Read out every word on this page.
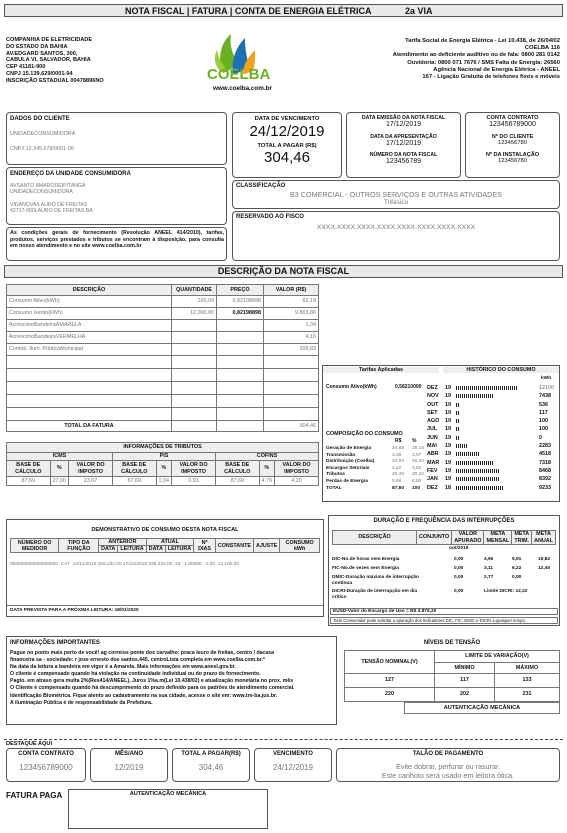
NOTA FISCAL | FATURA | CONTA DE ENERGIA ELÉTRICA	2a VIA
COMPANHIA DE ELETRICIDADE
DO ESTADO DA BAHIA
AV.EDGARD SANTOS, 300,
CABULA VI, SALVADOR, BAHIA
CEP 41181-900
CNPJ 15.139.629/0001-94
INSCRIÇÃO ESTADUAL 00478896NO	COELBA
www.coelba.com.br
Tarifa Social de Energia Elétrica - Lei 10.438, de 26/04/02
COELBA 116
Atendimento ao deficiente auditivo ou de fala: 0800 281 0142
Ouvidoria: 0800 071 7676 / SMS Falta de Energia: 26560
Agência Nacional de Energia Elétrica - ANEEL
167 - Ligação Gratuita de telefones fixos e móveis
DADOS DO CLIENTE
UNIDADECONSUMIDORA
CNPJ:12.345.678/0001-00
ENDEREÇO DA UNIDADE CONSUMIDORA
AVSANTO AMARODEIPITANGA
UNIDADECONSUMIDORA
VIDANOVA/LAURO DE FREITAS
42717-000LAURO DE FREITAS BA
As condições gerais de fornecimento (Resolução ANEEL 414/2010), tarifas, produtos, serviços prestados e tributos se encontram à disposição, para consulta em nosso atendimento e no site www.coelba.com.br
DATA DE VENCIMENTO
24/12/2019
TOTAL A PAGAR (R$)
304,46
DATA EMISSÃO DA NOTA FISCAL
17/12/2019
DATA DA APRESENTAÇÃO
17/12/2019
NÚMERO DA NOTA FISCAL
123456789
CONTA CONTRATO
123456789000
Nº DO CLIENTE
123456780
Nº DA INSTALAÇÃO
123456780
CLASSIFICAÇÃO
B3 COMERCIAL - OUTROS SERVIÇOS E OUTRAS ATIVIDADES
Trifásico
RESERVADO AO FISCO
XXXX.XXXX.XXXX.XXXX.XXXX.XXXX.XXXX.XXXX
DESCRIÇÃO DA NOTA FISCAL
DESCRIÇÃO	QUANTIDADE	PREÇO	VALOR (R$)
Consumo Ativo(kWh)	100,00	0,82198898	82,19
Consumo Isento(kWh)	12.000,00	0,82198898	9.863,86
AcréscimoBandeiraAMARELA			1,34
AcréscimoBandeiraVERMELHA			4,16
Contrib. Ilum. PúblicaMunicipal			209,83

TOTAL DA FATURA			304,46
INFORMAÇÕES DE TRIBUTOS								
ICMS			PIS			COFINS		
BASE DE CÁLCULO	%	VALOR DO IMPOSTO	BASE DE CÁLCULO	%	VALOR DO IMPOSTO	BASE DE CÁLCULO	%	VALOR DO IMPOSTO
87,69	27,00	23,67	87,69	1,04	0,91	87,69	4,79	4,20
Tarifas Aplicadas
Consumo Ativo(kWh)	0,58210000
COMPOSIÇÃO DO CONSUMO
R$ %
Geração de Energia	24,68 28,15
Transmissão	3,48 3,97
Distribuição (Coelba)	23,04 26,34
Encargos Setoriais	4,22 4,82
Tributos	26,49 30,22
Perdas de Energia	5,69 6,50
TOTAL	87,60 100
HISTÓRICO DO CONSUMO
kWh
DEZ 19	12100
NOV 19	7438
OUT 19	536
SET 19	117
AGO 19	100
JUL 19	100
JUN 19	0
MAI 19	2283
ABR 19	4518
MAR 19	7318
FEV 19	8468
JAN 19	8392
DEZ 18	9233
DEMONSTRATIVO DE CONSUMO DESTA NOTA FISCAL
NÚMERO DO MEDIDOR	TIPO DA FUNÇÃO	ANTERIOR		ATUAL		Nº DIAS	CONSTANTE	AJUSTE	CONSUMO kWh
		DATA	LEITURA	DATA	LEITURA				
000000000000000000 CAT 14/11/2019 326.232,00 17/12/2019 338.332,00 33 1,00000 0,00 12.100,00
DATA PREVISTA PARA A PRÓXIMA LEITURA: 18/01/2020
DURAÇÃO E FREQUÊNCIA DAS INTERRUPÇÕES
DESCRIÇÃO	CONJUNTO	VALOR APURADO	META MENSAL	META TRIM.	META ANUAL
out/2019
DIC-No.de horas sem Energia	0,00	4,95	9,91	19,82
FIC-No.de vezes sem Energia	0,00	3,11	6,22	12,45
DMIC-Duração máxima de interrupção contínua
0,00	2,77	0,00
DICRI-Duração de interrupção em dia crítico
0,00	Limite DICRI: 12,22
EUSD-Valor do Encargo de Uso = R$ 3.876,20
Todo Consumidor pode solicitar a apuração dos Indicadores DIC, FIC, DMIC e DICRI a qualquer tempo.
INFORMAÇÕES IMPORTANTES
Pague no ponto mais perto de você! ag correios ponte dos carvalho: praca leuro de freitas, centro / dacasa
financeira sa - sociedade: r jose ernesto dos santos,445, centroLista completa em www.coelba.com.br.*
Na data da leitura a bandeira em vigor é a Amarela. Mais informações em www.aneel.gov.br.
O cliente é compensado quando há violação na continuidade individual ou do prazo de fornecimento.
Pagto. em atraso gera multa 2%(Res414/ANEEL), Juros 1%a.m(Lei 10.438/02) e atualização monetária no prox. mês
O Cliente é compensado quando há descumprimento do prazo definido para os padrões de atendimento comercial.
Identificação Biométrica. Fique atento ao cadastramento na sua cidade, acesse o site em: www.tre-ba.jus.br.
A iluminação Pública é de responsabilidade da Prefeitura.
NÍVEIS DE TENSÃO
TENSÃO NOMINAL(V)	LIMITE DE VARIAÇÃO(V)	
	MÍNIMO	MÁXIMO
127	117	133
220	202	231
AUTENTICAÇÃO MECÂNICA
DESTAQUE AQUI
CONTA CONTRATO
123456789000
MÊS/ANO
12/2019
TOTAL A PAGAR(R$)
304,46
VENCIMENTO
24/12/2019
TALÃO DE PAGAMENTO
Evite dobrar, perfurar ou rasurar.
Este canhoto será usado em leitora ótica.
FATURA PAGA	AUTENTICAÇÃO MECÂNICA
